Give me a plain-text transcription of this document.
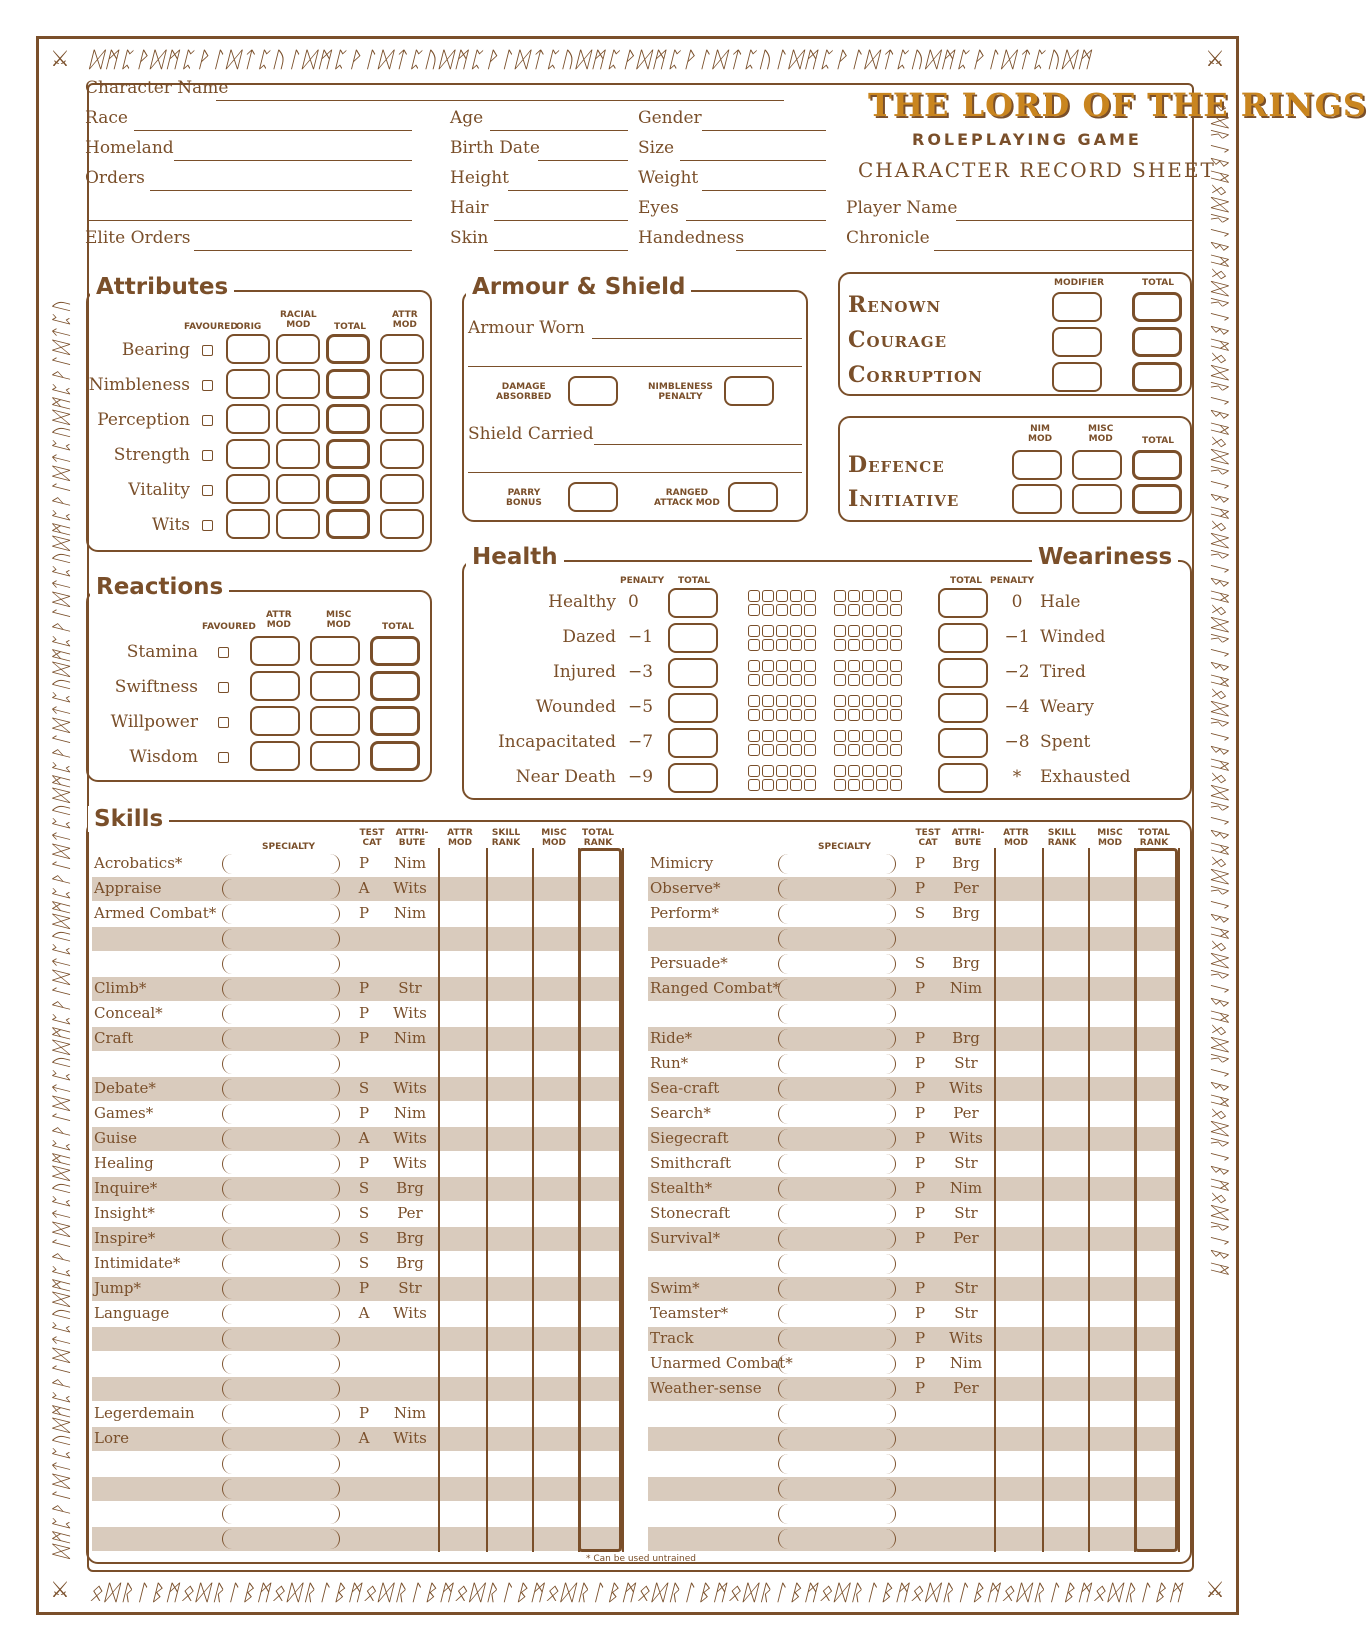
ᛞᛗᛈᚹᛞᛗᛈᚹᛚᛞᛏᛈᚢᛚᛞᛗᛈᚹᛚᛞᛏᛈᚢᛞᛗᛈᚹᛚᛞᛏᛈᚢᛞᛗᛈᚹᛞᛗᛈᚹᛚᛞᛏᛈᚢᛚᛞᛗᛈᚹᛚᛞᛏᛈᚢᛞᛗᛈᚹᛚᛞᛏᛈᚢᛞᛗ
ᛟᛞᚱᛚᛒᛗᛟᛞᚱᛚᛒᛗᛟᛞᚱᛚᛒᛗᛟᛞᚱᛚᛒᛗᛟᛞᚱᛚᛒᛗᛟᛞᚱᛚᛒᛗᛟᛞᚱᛚᛒᛗᛟᛞᚱᛚᛒᛗᛟᛞᚱᛚᛒᛗᛟᛞᚱᛚᛒᛗᛟᛞᚱᛚᛒᛗᛟᛞᚱᛚᛒᛗ
ᛞᛗᛈᚹᛚᛞᛏᛈᚢᛞᛗᛈᚹᛚᛞᛏᛈᚢᛞᛗᛈᚹᛚᛞᛏᛈᚢᛞᛗᛈᚹᛚᛞᛏᛈᚢᛞᛗᛈᚹᛚᛞᛏᛈᚢᛞᛗᛈᚹᛚᛞᛏᛈᚢᛞᛗᛈᚹᛚᛞᛏᛈᚢᛞᛗᛈᚹᛚᛞᛏᛈᚢᛞᛗᛈᚹᛚᛞᛏᛈᚢᛞᛗᛈᚹᛚᛞᛏᛈᚢ	ᛟᛞᚱᛚᛒᛗᛟᛞᚱᛚᛒᛗᛟᛞᚱᛚᛒᛗᛟᛞᚱᛚᛒᛗᛟᛞᚱᛚᛒᛗᛟᛞᚱᛚᛒᛗᛟᛞᚱᛚᛒᛗᛟᛞᚱᛚᛒᛗᛟᛞᚱᛚᛒᛗᛟᛞᚱᛚᛒᛗᛟᛞᚱᛚᛒᛗᛟᛞᚱᛚᛒᛗᛟᛞᚱᛚᛒᛗᛟᛞᚱᛚᛒᛗ
⚔	⚔
⚔	⚔
Character Name
Race
Homeland
Orders
Elite Orders
Age
Birth Date
Height
Hair
Skin
Gender
Size
Weight
Eyes
Handedness
Player Name
Chronicle
THE LORD OF THE RINGS
ROLEPLAYING GAME
CHARACTER RECORD SHEET
Attributes
FAVOURED
ORIG
RACIAL
MOD	TOTAL
ATTR
MOD
Bearing
Nimbleness
Perception
Strength
Vitality
Wits
Reactions
FAVOURED
ATTR
MOD
MISC
MOD	TOTAL
Stamina
Swiftness
Willpower
Wisdom
Armour & Shield
Armour Worn
DAMAGE
ABSORBED
NIMBLENESS
PENALTY
Shield Carried
PARRY
BONUS
RANGED
ATTACK MOD
MODIFIER	TOTAL
Renown
Courage
Corruption
NIM
MOD
MISC
MOD	TOTAL
Defence
Initiative
Health	Weariness
PENALTY TOTAL	TOTAL PENALTY
Healthy 0	0	Hale
Dazed −1	−1 Winded
Injured −3	−2 Tired
Wounded −5	−4 Weary
Incapacitated −7	−8 Spent
Near Death −9	*	Exhausted
Skills
SPECIALTY
TEST
CAT
ATTRI-
BUTE
ATTR
MOD
SKILL
RANK
MISC
MOD
TOTAL
RANK	SPECIALTY
TEST
CAT
ATTRI-
BUTE
ATTR
MOD
SKILL
RANK
MISC
MOD
TOTAL
RANK
Acrobatics*	P	Nim
Appraise	A	Wits
Armed Combat*	P	Nim
Climb*	P	Str
Conceal*	P	Wits
Craft	P	Nim
Debate*	S	Wits
Games*	P	Nim
Guise	A	Wits
Healing	P	Wits
Inquire*	S	Brg
Insight*	S	Per
Inspire*	S	Brg
Intimidate*	S	Brg
Jump*	P	Str
Language	A	Wits
Legerdemain	P	Nim
Lore	A	Wits
Mimicry	P	Brg
Observe*	P	Per
Perform*	S	Brg
Persuade*	S	Brg
Ranged Combat*	P	Nim
Ride*	P	Brg
Run*	P	Str
Sea-craft	P	Wits
Search*	P	Per
Siegecraft	P	Wits
Smithcraft	P	Str
Stealth*	P	Nim
Stonecraft	P	Str
Survival*	P	Per
Swim*	P	Str
Teamster*	P	Str
Track	P	Wits
Unarmed Combat*	P	Nim
Weather-sense	P	Per
* Can be used untrained
